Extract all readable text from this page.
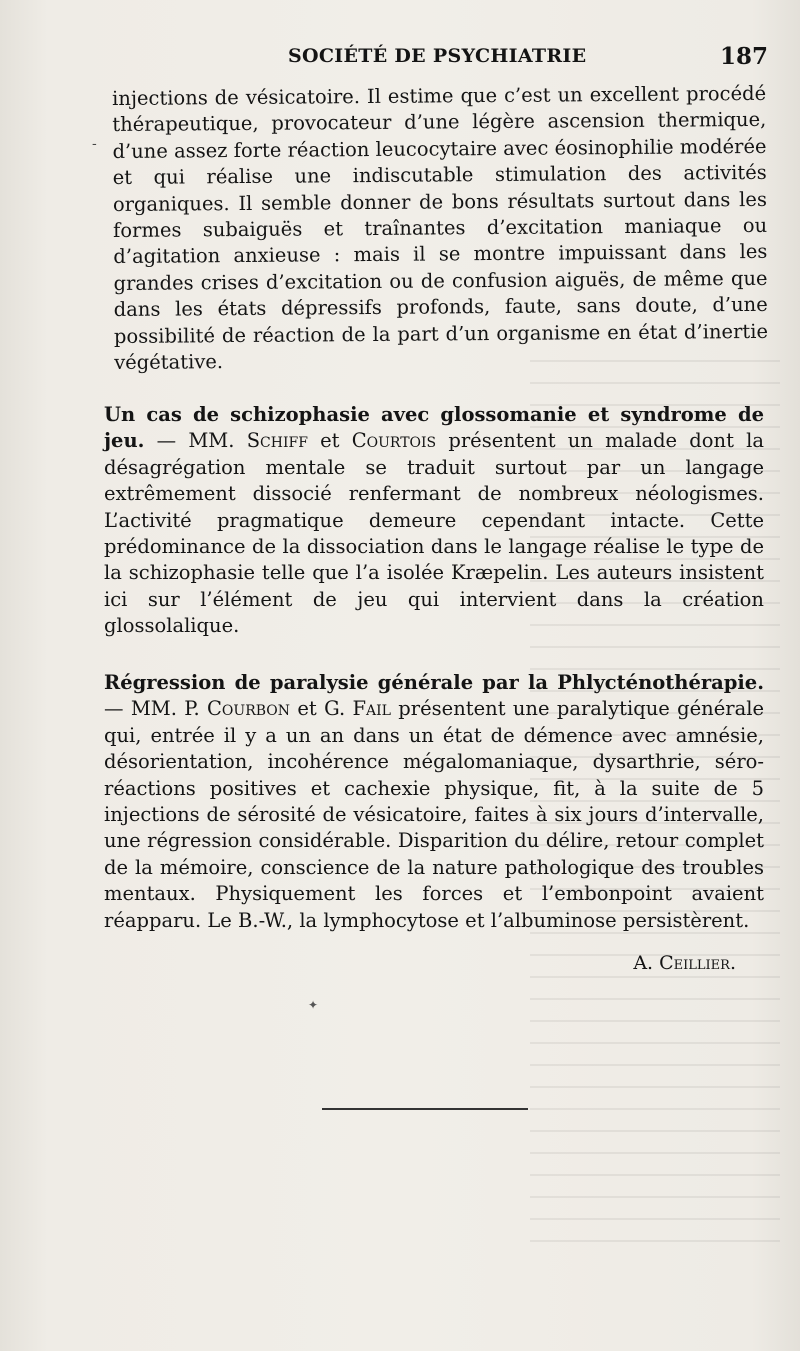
SOCIÉTÉ DE PSYCHIATRIE	187
-

injections de vésicatoire. Il estime que c’est un excellent procédé thérapeutique, provocateur d’une légère ascension thermique, d’une assez forte réaction leucocytaire avec éosinophilie modérée et qui réalise une indiscutable stimulation des activités organiques. Il semble donner de bons résultats surtout dans les formes subaiguës et traînantes d’excitation maniaque ou d’agitation anxieuse : mais il se montre impuissant dans les grandes crises d’excitation ou de confusion aiguës, de même que dans les états dépressifs profonds, faute, sans doute, d’une possibilité de réaction de la part d’un organisme en état d’inertie végétative.

Un cas de schizophasie avec glossomanie et syndrome de jeu. — MM. Schiff et Courtois présentent un malade dont la désagrégation mentale se traduit surtout par un langage extrêmement dissocié renfermant de nombreux néologismes. L’activité pragmatique demeure cependant intacte. Cette prédominance de la dissociation dans le langage réalise le type de la schizophasie telle que l’a isolée Kræpelin. Les auteurs insistent ici sur l’élément de jeu qui intervient dans la création glossolalique.

Régression de paralysie générale par la Phlycténothérapie. — MM. P. Courbon et G. Fail présentent une paralytique générale qui, entrée il y a un an dans un état de démence avec amnésie, désorientation, incohérence mégalomaniaque, dysarthrie, séro-réactions positives et cachexie physique, fit, à la suite de 5 injections de sérosité de vésicatoire, faites à six jours d’intervalle, une régression considérable. Disparition du délire, retour complet de la mémoire, conscience de la nature pathologique des troubles mentaux. Physiquement les forces et l’embonpoint avaient réapparu. Le B.-W., la lymphocytose et l’albuminose persistèrent.

A. Ceillier.
✦
